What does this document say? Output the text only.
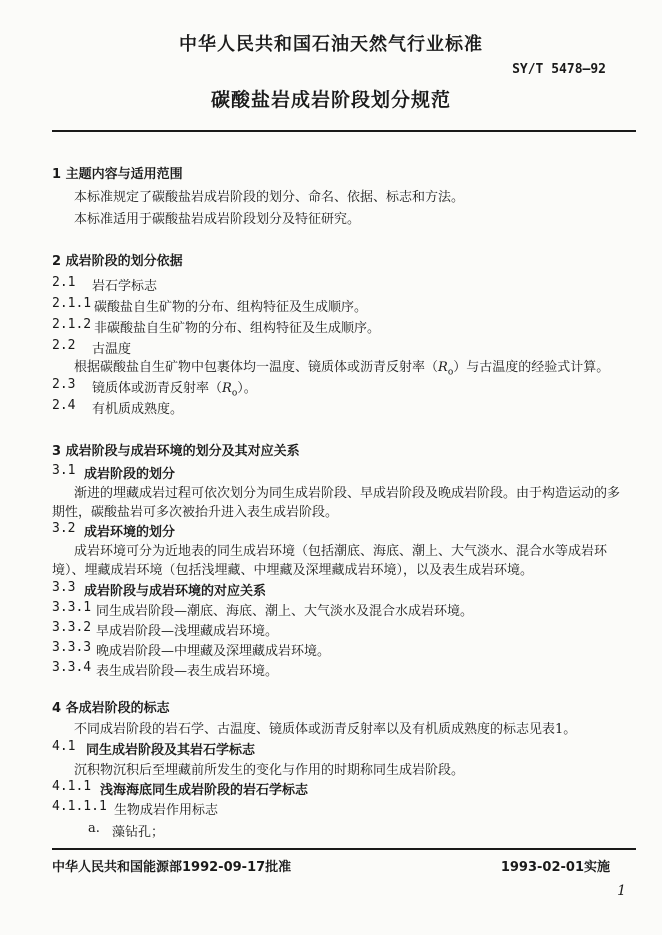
中华人民共和国石油天然气行业标准
SY/T 5478—92
碳酸盐岩成岩阶段划分规范
1 主题内容与适用范围
本标准规定了碳酸盐岩成岩阶段的划分、命名、依据、标志和方法。
本标准适用于碳酸盐岩成岩阶段划分及特征研究。
2 成岩阶段的划分依据
2.1 岩石学标志
2.1.1 碳酸盐自生矿物的分布、组构特征及生成顺序。
2.1.2 非碳酸盐自生矿物的分布、组构特征及生成顺序。
2.2 古温度
根据碳酸盐自生矿物中包裹体均一温度、镜质体或沥青反射率$(R_o)$与古温度的经验式计算。
2.3 镜质体或沥青反射率$(R_o)$。
2.4 有机质成熟度。
3 成岩阶段与成岩环境的划分及其对应关系
3.1 成岩阶段的划分
渐进的埋藏成岩过程可依次划分为同生成岩阶段、早成岩阶段及晚成岩阶段。由于构造运动的多
期性，碳酸盐岩可多次被抬升进入表生成岩阶段。
3.2 成岩环境的划分
成岩环境可分为近地表的同生成岩环境（包括潮底、海底、潮上、大气淡水、混合水等成岩环
境）、埋藏成岩环境（包括浅埋藏、中埋藏及深埋藏成岩环境），以及表生成岩环境。
3.3 成岩阶段与成岩环境的对应关系
3.3.1 同生成岩阶段—潮底、海底、潮上、大气淡水及混合水成岩环境。
3.3.2 早成岩阶段—浅埋藏成岩环境。
3.3.3 晚成岩阶段—中埋藏及深埋藏成岩环境。
3.3.4 表生成岩阶段—表生成岩环境。
4 各成岩阶段的标志
不同成岩阶段的岩石学、古温度、镜质体或沥青反射率以及有机质成熟度的标志见表1。
4.1 同生成岩阶段及其岩石学标志
沉积物沉积后至埋藏前所发生的变化与作用的时期称同生成岩阶段。
4.1.1 浅海海底同生成岩阶段的岩石学标志
4.1.1.1 生物成岩作用标志
a. 藻钻孔；
中华人民共和国能源部1992-09-17批准	1993-02-01实施
1
